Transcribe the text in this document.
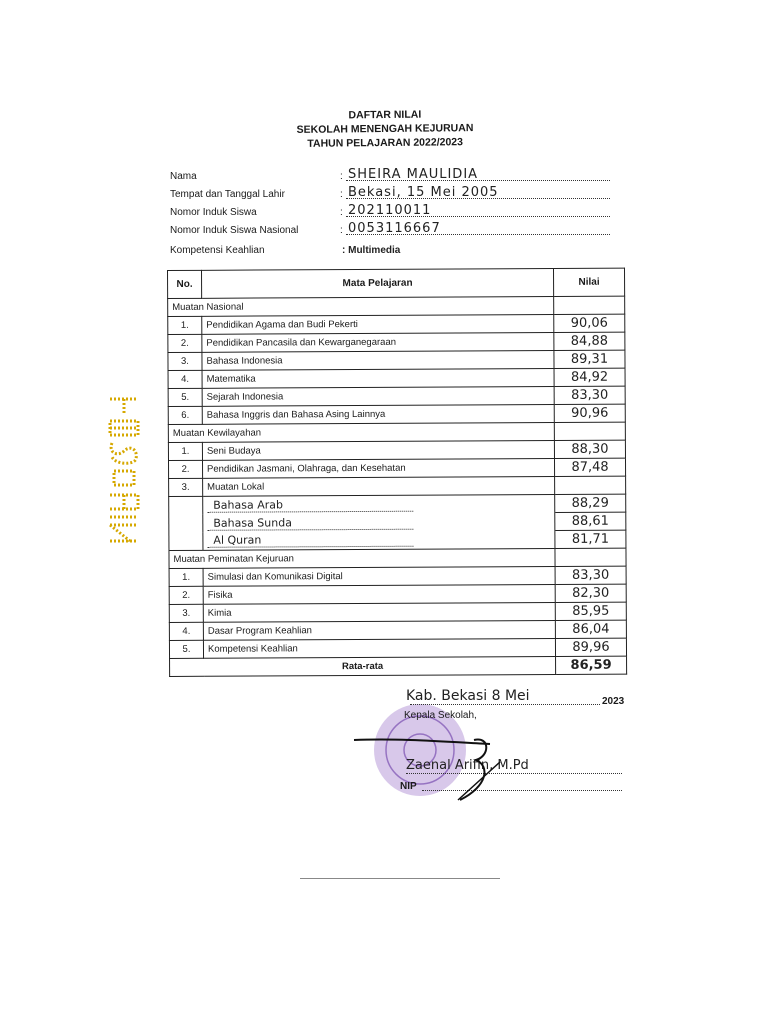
DAFTAR NILAI
SEKOLAH MENENGAH KEJURUAN
TAHUN PELAJARAN 2022/2023
Nama	: SHEIRA MAULIDIA
Tempat dan Tanggal Lahir	: Bekasi, 15 Mei 2005
Nomor Induk Siswa	: 202110011
Nomor Induk Siswa Nasional	: 0053116667
Kompetensi Keahlian	: Multimedia
No.	Mata Pelajaran	Nilai
Muatan Nasional		
1.	Pendidikan Agama dan Budi Pekerti	90,06
2.	Pendidikan Pancasila dan Kewarganegaraan	84,88
3.	Bahasa Indonesia	89,31
4.	Matematika	84,92
5.	Sejarah Indonesia	83,30
6.	Bahasa Inggris dan Bahasa Asing Lainnya	90,96
Muatan Kewilayahan		
1.	Seni Budaya	88,30
2.	Pendidikan Jasmani, Olahraga, dan Kesehatan	87,48
3.	Muatan Lokal	
	Bahasa Arab	88,29
	Bahasa Sunda	88,61
	Al Quran	81,71
Muatan Peminatan Kejuruan		
1.	Simulasi dan Komunikasi Digital	83,30
2.	Fisika	82,30
3.	Kimia	85,95
4.	Dasar Program Keahlian	86,04
5.	Kompetensi Keahlian	89,96
Rata-rata		86,59
Kab. Bekasi 8 Mei	2023
Kepala Sekolah,
Zaenal Arifin, M.Pd
NIP
